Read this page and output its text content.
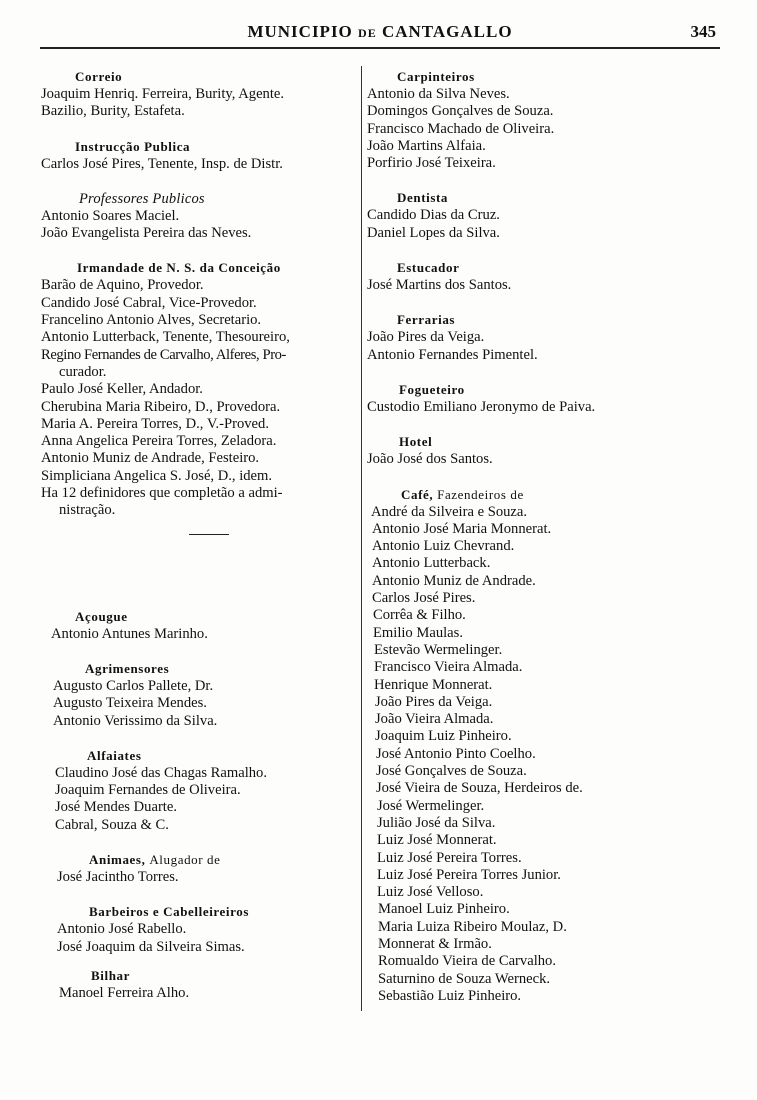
MUNICIPIO de CANTAGALLO	345
Correio
Joaquim Henriq. Ferreira, Burity, Agente.
Bazilio, Burity, Estafeta.
Instrucção Publica
Carlos José Pires, Tenente, Insp. de Distr.
Professores Publicos
Antonio Soares Maciel.
João Evangelista Pereira das Neves.
Irmandade de N. S. da Conceição
Barão de Aquino, Provedor.
Candido José Cabral, Vice-Provedor.
Francelino Antonio Alves, Secretario.
Antonio Lutterback, Tenente, Thesoureiro,
Regino Fernandes de Carvalho, Alferes, Pro-
curador.
Paulo José Keller, Andador.
Cherubina Maria Ribeiro, D., Provedora.
Maria A. Pereira Torres, D., V.-Proved.
Anna Angelica Pereira Torres, Zeladora.
Antonio Muniz de Andrade, Festeiro.
Simpliciana Angelica S. José, D., idem.
Ha 12 definidores que completão a admi-
nistração.
Açougue
Antonio Antunes Marinho.
Agrimensores
Augusto Carlos Pallete, Dr.
Augusto Teixeira Mendes.
Antonio Verissimo da Silva.
Alfaiates
Claudino José das Chagas Ramalho.
Joaquim Fernandes de Oliveira.
José Mendes Duarte.
Cabral, Souza & C.
Animaes, Alugador de
José Jacintho Torres.
Barbeiros e Cabelleireiros
Antonio José Rabello.
José Joaquim da Silveira Simas.
Bilhar
Manoel Ferreira Alho.
Carpinteiros
Antonio da Silva Neves.
Domingos Gonçalves de Souza.
Francisco Machado de Oliveira.
João Martins Alfaia.
Porfirio José Teixeira.
Dentista
Candido Dias da Cruz.
Daniel Lopes da Silva.
Estucador
José Martins dos Santos.
Ferrarias
João Pires da Veiga.
Antonio Fernandes Pimentel.
Fogueteiro
Custodio Emiliano Jeronymo de Paiva.
Hotel
João José dos Santos.
Café, Fazendeiros de
André da Silveira e Souza.
Antonio José Maria Monnerat.
Antonio Luiz Chevrand.
Antonio Lutterback.
Antonio Muniz de Andrade.
Carlos José Pires.
Corrêa & Filho.
Emilio Maulas.
Estevão Wermelinger.
Francisco Vieira Almada.
Henrique Monnerat.
João Pires da Veiga.
João Vieira Almada.
Joaquim Luiz Pinheiro.
José Antonio Pinto Coelho.
José Gonçalves de Souza.
José Vieira de Souza, Herdeiros de.
José Wermelinger.
Julião José da Silva.
Luiz José Monnerat.
Luiz José Pereira Torres.
Luiz José Pereira Torres Junior.
Luiz José Velloso.
Manoel Luiz Pinheiro.
Maria Luiza Ribeiro Moulaz, D.
Monnerat & Irmão.
Romualdo Vieira de Carvalho.
Saturnino de Souza Werneck.
Sebastião Luiz Pinheiro.
